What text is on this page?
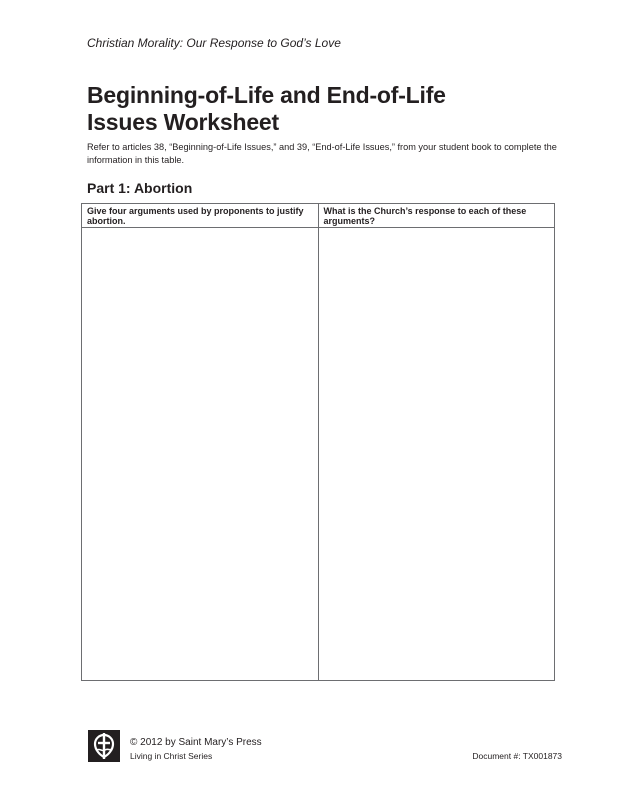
Christian Morality: Our Response to God’s Love
Beginning-of-Life and End-of-Life
Issues Worksheet
Refer to articles 38, “Beginning-of-Life Issues,” and 39, “End-of-Life Issues,” from your student book to complete the information in this table.
Part 1: Abortion
Give four arguments used by proponents to justify abortion.
What is the Church’s response to each of these arguments?
© 2012 by Saint Mary’s Press
Living in Christ Series	Document #: TX001873
